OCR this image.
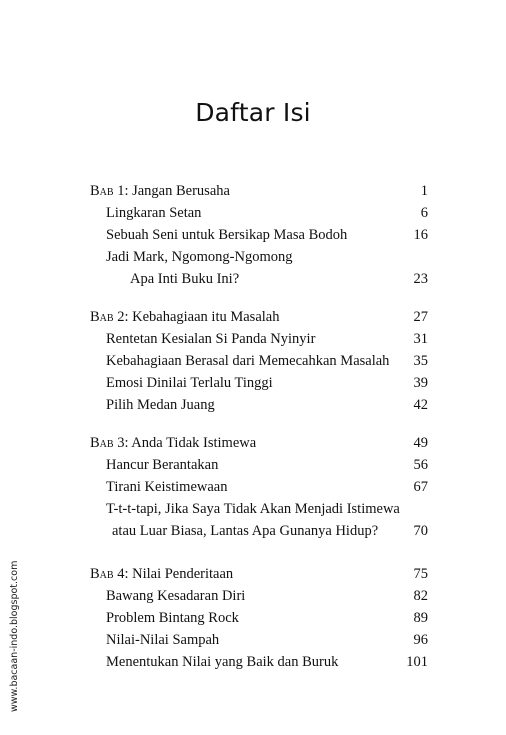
Daftar Isi
Bab 1: Jangan Berusaha	1
Lingkaran Setan	6
Sebuah Seni untuk Bersikap Masa Bodoh	16
Jadi Mark, Ngomong-Ngomong
Apa Inti Buku Ini?	23
Bab 2: Kebahagiaan itu Masalah	27
Rentetan Kesialan Si Panda Nyinyir	31
Kebahagiaan Berasal dari Memecahkan Masalah 35
Emosi Dinilai Terlalu Tinggi	39
Pilih Medan Juang	42
Bab 3: Anda Tidak Istimewa	49
Hancur Berantakan	56
Tirani Keistimewaan	67
T-t-t-tapi, Jika Saya Tidak Akan Menjadi Istimewa
atau Luar Biasa, Lantas Apa Gunanya Hidup? 70
Bab 4: Nilai Penderitaan	75
Bawang Kesadaran Diri	82
Problem Bintang Rock	89
Nilai-Nilai Sampah	96
Menentukan Nilai yang Baik dan Buruk	101
www.bacaan-indo.blogspot.com
